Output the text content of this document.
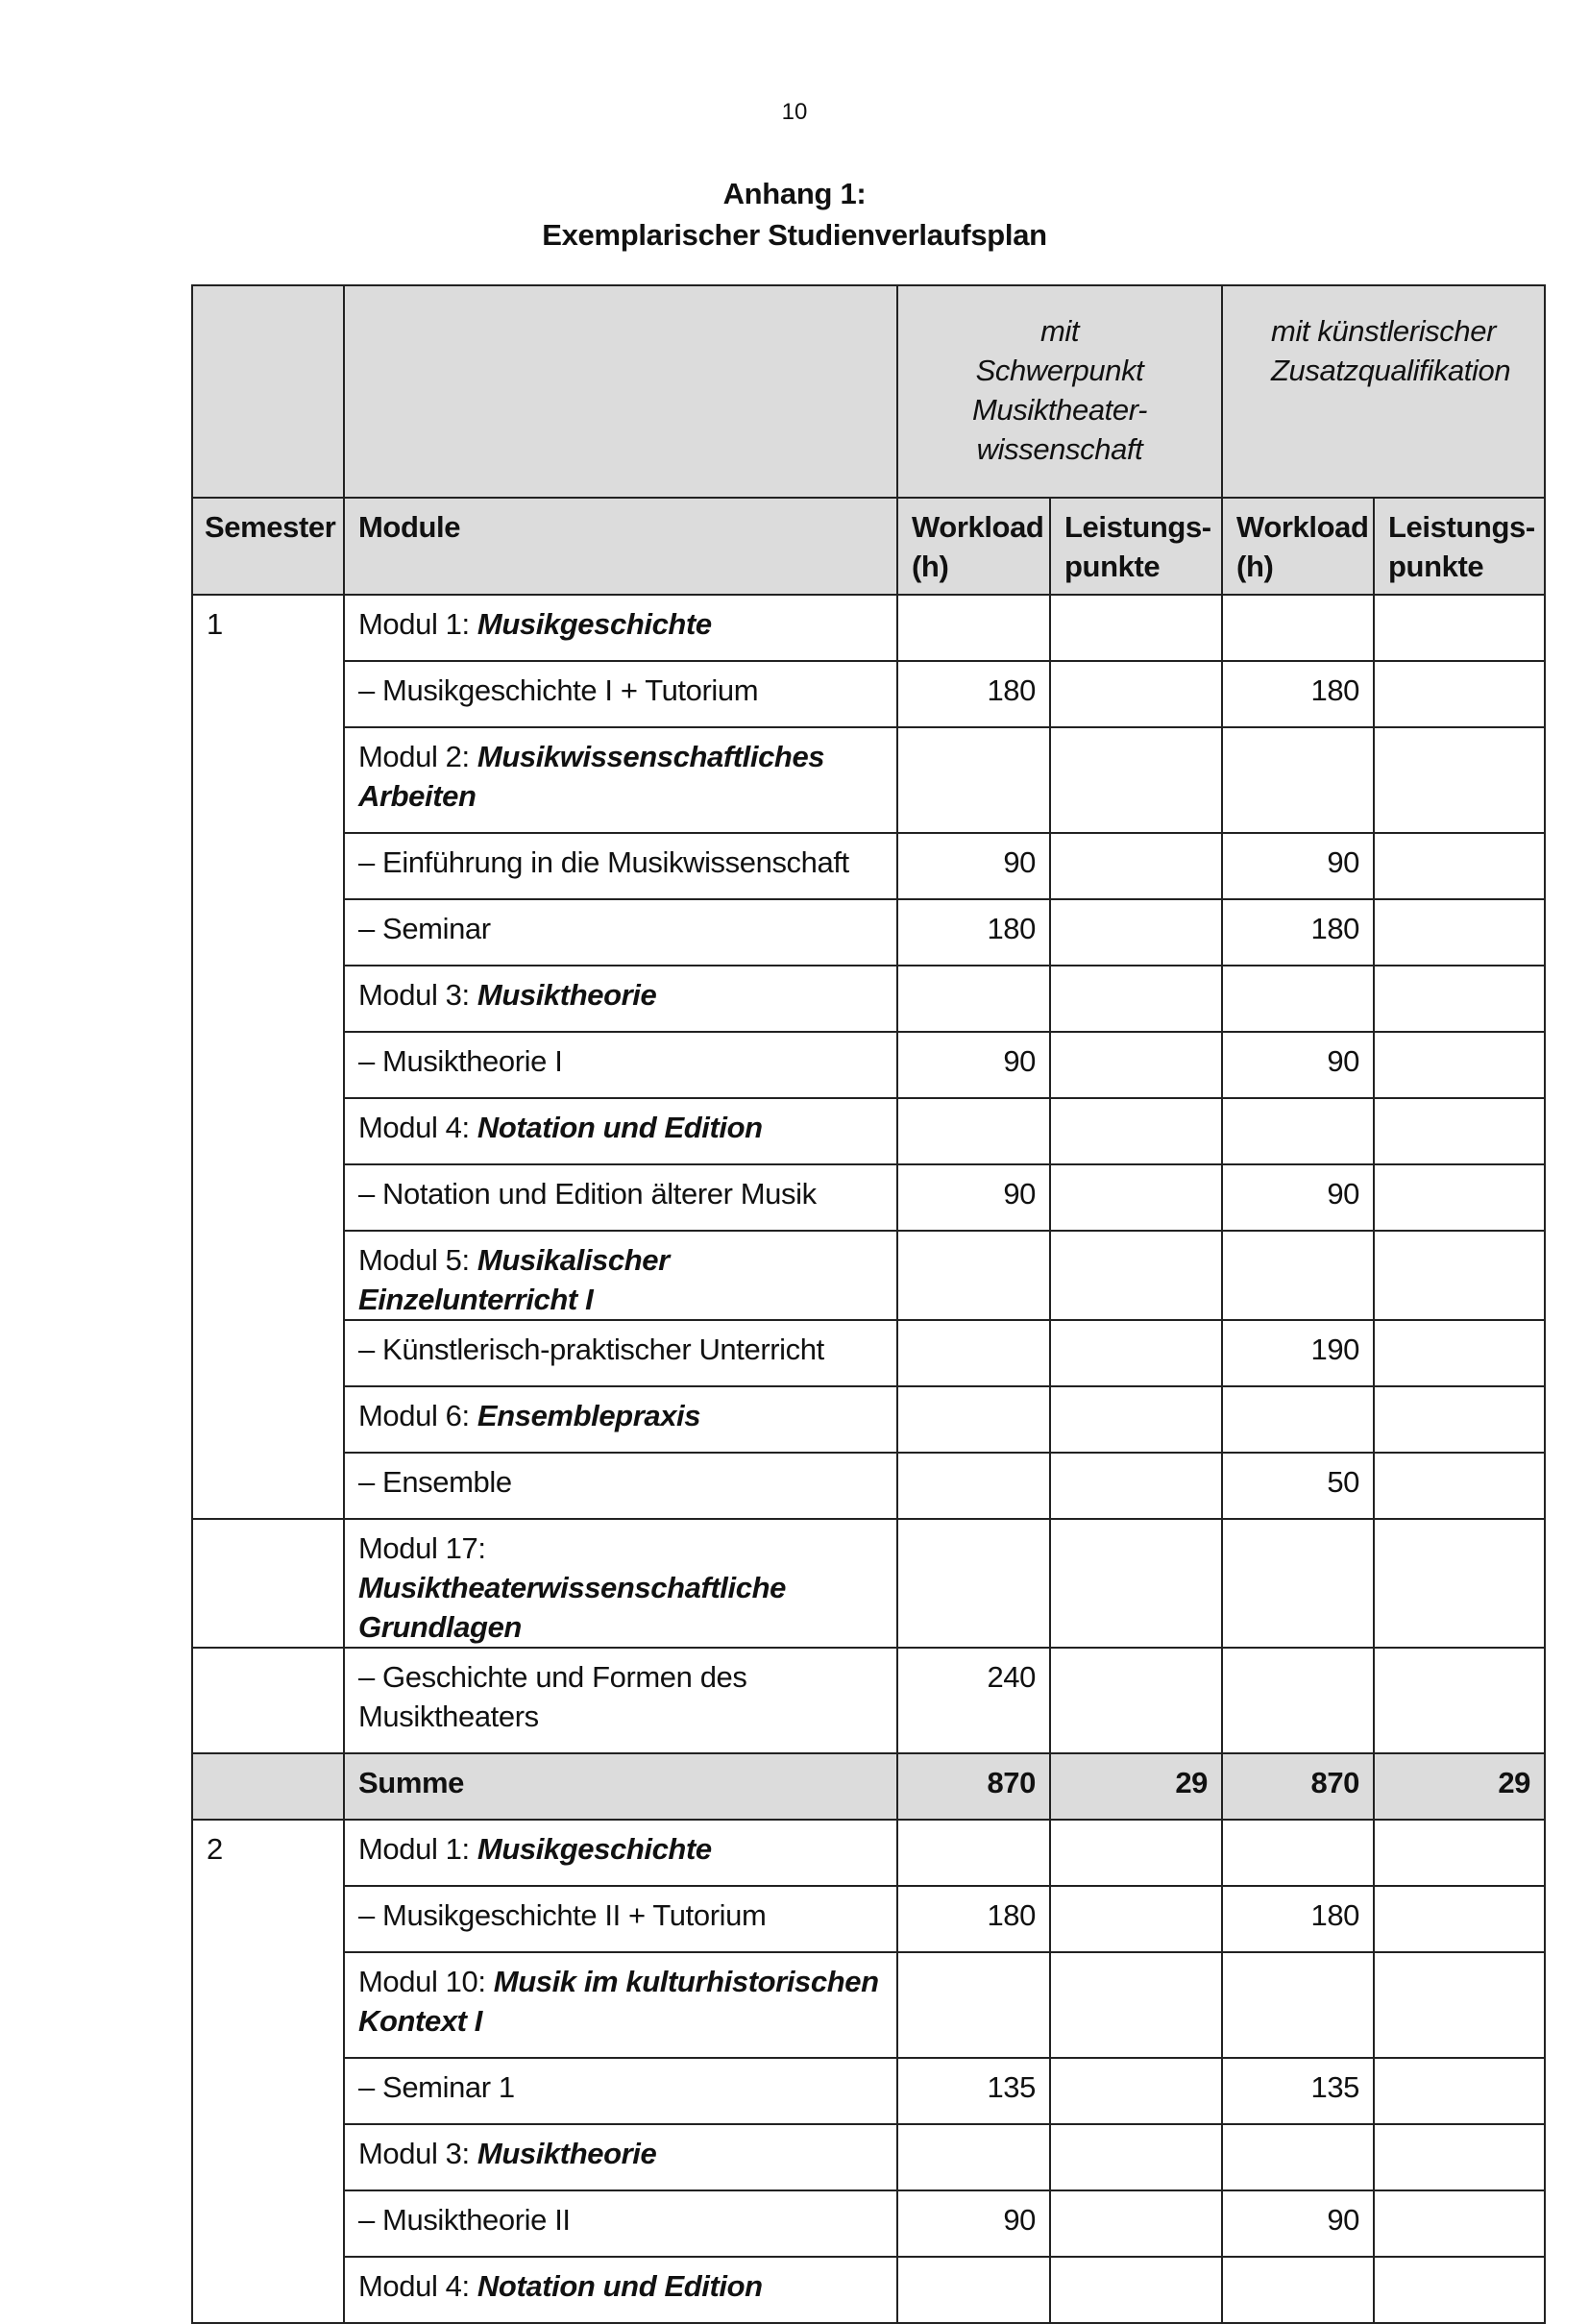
10
Anhang 1:
Exemplarischer Studienverlaufsplan
		mit Schwerpunkt Musiktheater-wissenschaft		mit künstlerischer Zusatzqualifikation	
Semester	Module	Workload (h)	Leistungs-punkte	Workload (h)	Leistungs-punkte
1	Modul 1: Musikgeschichte				
	– Musikgeschichte I + Tutorium	180		180	
	Modul 2: Musikwissenschaftliches Arbeiten				
	– Einführung in die Musikwissenschaft	90		90	
	– Seminar	180		180	
	Modul 3: Musiktheorie				
	– Musiktheorie I	90		90	
	Modul 4: Notation und Edition				
	– Notation und Edition älterer Musik	90		90	
	Modul 5: Musikalischer Einzelunterricht I				
	– Künstlerisch-praktischer Unterricht			190	
	Modul 6: Ensemblepraxis				
	– Ensemble			50	
	Modul 17: Musiktheaterwissenschaftliche Grundlagen				
	– Geschichte und Formen des Musiktheaters	240			
	Summe	870	29	870	29
2	Modul 1: Musikgeschichte				
	– Musikgeschichte II + Tutorium	180		180	
	Modul 10: Musik im kulturhistorischen Kontext I				
	– Seminar 1	135		135	
	Modul 3: Musiktheorie				
	– Musiktheorie II	90		90	
	Modul 4: Notation und Edition				
